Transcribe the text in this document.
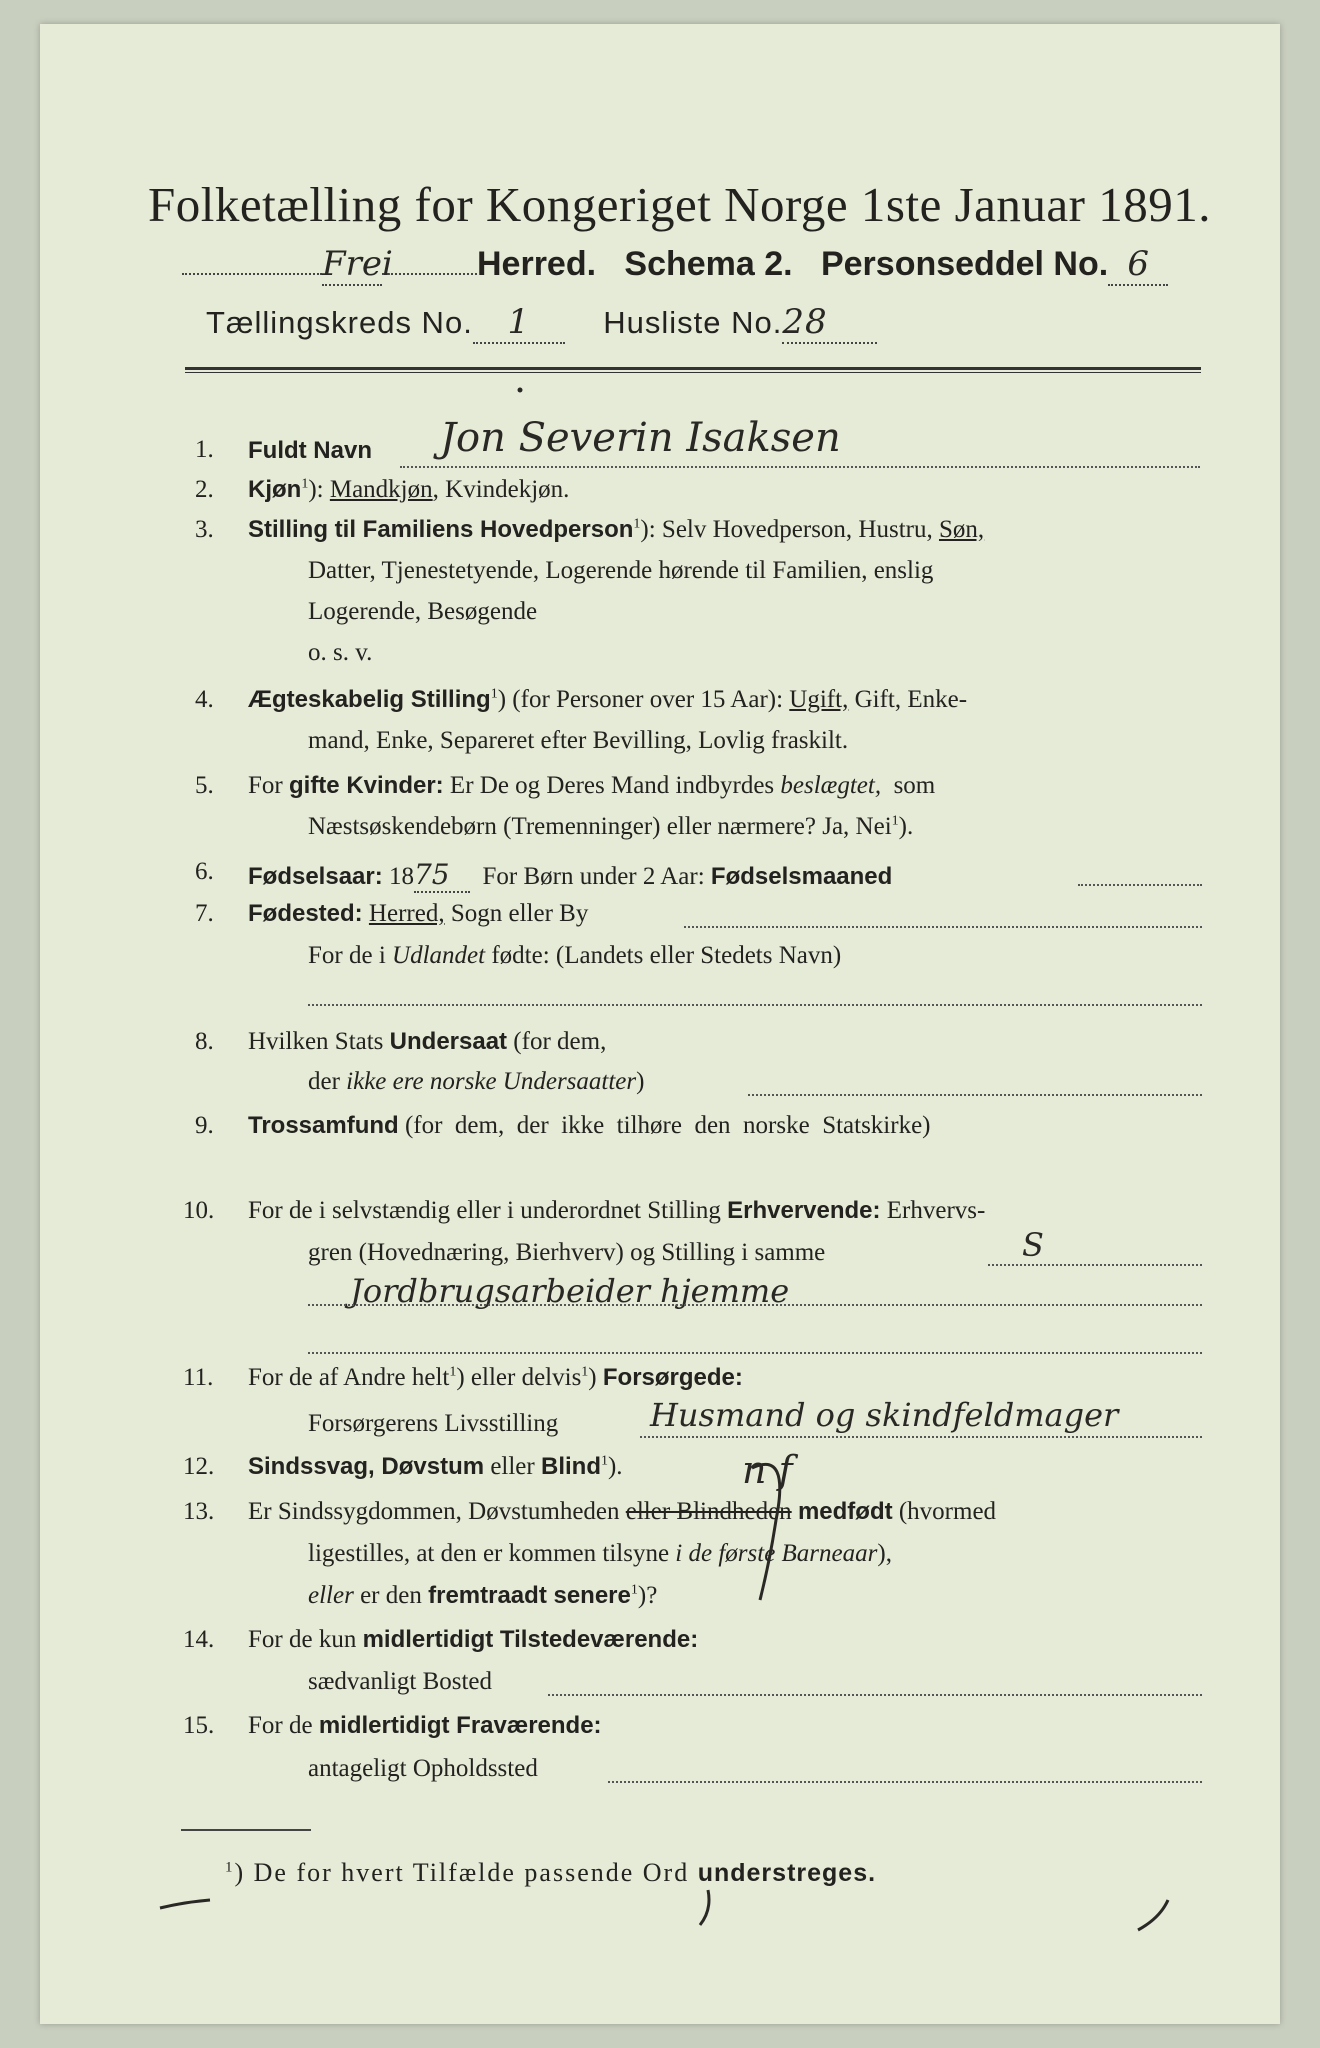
Folketælling for Kongeriget Norge 1ste Januar 1891.
Frei Herred. Schema 2. Personseddel No. 6
Tællingskreds No. 1 Husliste No.28
1. Fuldt Navn Jon Severin Isaksen
2. Kjøn$^1$): Mandkjøn, Kvindekjøn.
3. Stilling til Familiens Hovedperson$^1$): Selv Hovedperson, Hustru, Søn,
Datter, Tjenestetyende, Logerende hørende til Familien, enslig
Logerende, Besøgende
o. s. v.
4. Ægteskabelig Stilling$^1$) (for Personer over 15 Aar): Ugift, Gift, Enke-
mand, Enke, Separeret efter Bevilling, Lovlig fraskilt.
5. For gifte Kvinder: Er De og Deres Mand indbyrdes beslægtet, som
Næstsøskendebørn (Tremenninger) eller nærmere? Ja, Nei$^1$).
6. Fødselsaar: 1875 For Børn under 2 Aar: Fødselsmaaned
7. Fødested: Herred, Sogn eller By
For de i Udlandet fødte: (Landets eller Stedets Navn)
8. Hvilken Stats Undersaat (for dem,
der ikke ere norske Undersaatter)
9. Trossamfund (for  dem,  der  ikke  tilhøre  den  norske  Statskirke)
10. For de i selvstændig eller i underordnet Stilling Erhvervende: Erhvervs-
gren (Hovednæring, Bierhverv) og Stilling i samme	S
Jordbrugsarbeider hjemme
11. For de af Andre helt$^1$) eller delvis$^1$) Forsørgede:
Forsørgerens Livsstilling	Husmand og skindfeldmager
12. Sindssvag, Døvstum eller Blind$^1$).	n f
13. Er Sindssygdommen, Døvstumheden eller Blindheden medfødt (hvormed
ligestilles, at den er kommen tilsyne i de første Barneaar),
eller er den fremtraadt senere$^1$)?
14. For de kun midlertidigt Tilstedeværende:
sædvanligt Bosted
15. For de midlertidigt Fraværende:
antageligt Opholdssted
$^1$) De for hvert Tilfælde passende Ord understreges.
